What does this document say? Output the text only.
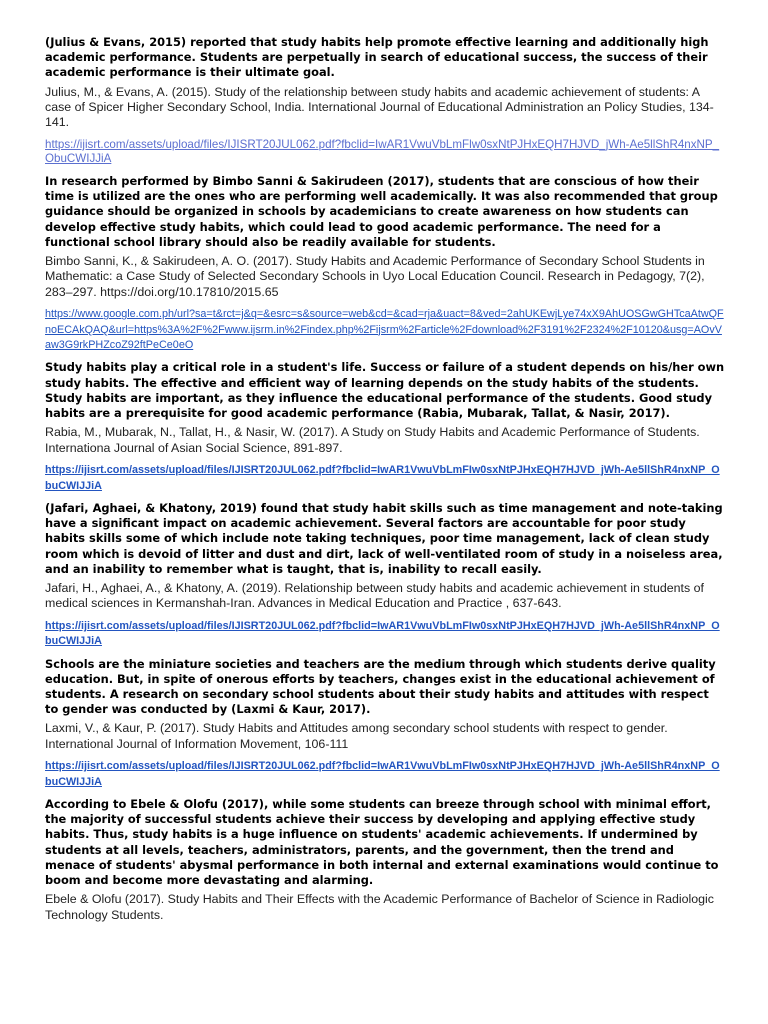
(Julius & Evans, 2015) reported that study habits help promote effective learning and additionally high academic performance. Students are perpetually in search of educational success, the success of their academic performance is their ultimate goal.

Julius, M., & Evans, A. (2015). Study of the relationship between study habits and academic achievement of students: A case of Spicer Higher Secondary School, India. International Journal of Educational Administration an Policy Studies, 134-141.

https://ijisrt.com/assets/upload/files/IJISRT20JUL062.pdf?fbclid=IwAR1VwuVbLmFlw0sxNtPJHxEQH7HJVD_jWh-Ae5llShR4nxNP_ObuCWIJJiA

In research performed by Bimbo Sanni & Sakirudeen (2017), students that are conscious of how their time is utilized are the ones who are performing well academically. It was also recommended that group guidance should be organized in schools by academicians to create awareness on how students can develop effective study habits, which could lead to good academic performance. The need for a functional school library should also be readily available for students.

Bimbo Sanni, K., & Sakirudeen, A. O. (2017). Study Habits and Academic Performance of Secondary School Students in Mathematic: a Case Study of Selected Secondary Schools in Uyo Local Education Council. Research in Pedagogy, 7(2), 283–297. https://doi.org/10.17810/2015.65

https://www.google.com.ph/url?sa=t&rct=j&q=&esrc=s&source=web&cd=&cad=rja&uact=8&ved=2ahUKEwjLye74xX9AhUOSGwGHTcaAtwQFnoECAkQAQ&url=https%3A%2F%2Fwww.ijsrm.in%2Findex.php%2Fijsrm%2Farticle%2Fdownload%2F3191%2F2324%2F10120&usg=AOvVaw3G9rkPHZcoZ92ftPeCe0eO

Study habits play a critical role in a student's life. Success or failure of a student depends on his/her own study habits. The effective and efficient way of learning depends on the study habits of the students. Study habits are important, as they influence the educational performance of the students. Good study habits are a prerequisite for good academic performance (Rabia, Mubarak, Tallat, & Nasir, 2017).

Rabia, M., Mubarak, N., Tallat, H., & Nasir, W. (2017). A Study on Study Habits and Academic Performance of Students. Internationa Journal of Asian Social Science, 891-897.

https://ijisrt.com/assets/upload/files/IJISRT20JUL062.pdf?fbclid=IwAR1VwuVbLmFIw0sxNtPJHxEQH7HJVD_jWh-Ae5llShR4nxNP_ObuCWIJJiA

(Jafari, Aghaei, & Khatony, 2019) found that study habit skills such as time management and note-taking have a significant impact on academic achievement. Several factors are accountable for poor study habits skills some of which include note taking techniques, poor time management, lack of clean study room which is devoid of litter and dust and dirt, lack of well-ventilated room of study in a noiseless area, and an inability to remember what is taught, that is, inability to recall easily.

Jafari, H., Aghaei, A., & Khatony, A. (2019). Relationship between study habits and academic achievement in students of medical sciences in Kermanshah-Iran. Advances in Medical Education and Practice , 637-643.

https://ijisrt.com/assets/upload/files/IJISRT20JUL062.pdf?fbclid=IwAR1VwuVbLmFIw0sxNtPJHxEQH7HJVD_jWh-Ae5llShR4nxNP_ObuCWIJJiA

Schools are the miniature societies and teachers are the medium through which students derive quality education. But, in spite of onerous efforts by teachers, changes exist in the educational achievement of students. A research on secondary school students about their study habits and attitudes with respect to gender was conducted by (Laxmi & Kaur, 2017).

Laxmi, V., & Kaur, P. (2017). Study Habits and Attitudes among secondary school students with respect to gender. International Journal of Information Movement, 106-111

https://ijisrt.com/assets/upload/files/IJISRT20JUL062.pdf?fbclid=IwAR1VwuVbLmFIw0sxNtPJHxEQH7HJVD_jWh-Ae5llShR4nxNP_ObuCWIJJiA

According to Ebele & Olofu (2017), while some students can breeze through school with minimal effort, the majority of successful students achieve their success by developing and applying effective study habits. Thus, study habits is a huge influence on students' academic achievements. If undermined by students at all levels, teachers, administrators, parents, and the government, then the trend and menace of students' abysmal performance in both internal and external examinations would continue to boom and become more devastating and alarming.

Ebele & Olofu (2017). Study Habits and Their Effects with the Academic Performance of Bachelor of Science in Radiologic Technology Students.
